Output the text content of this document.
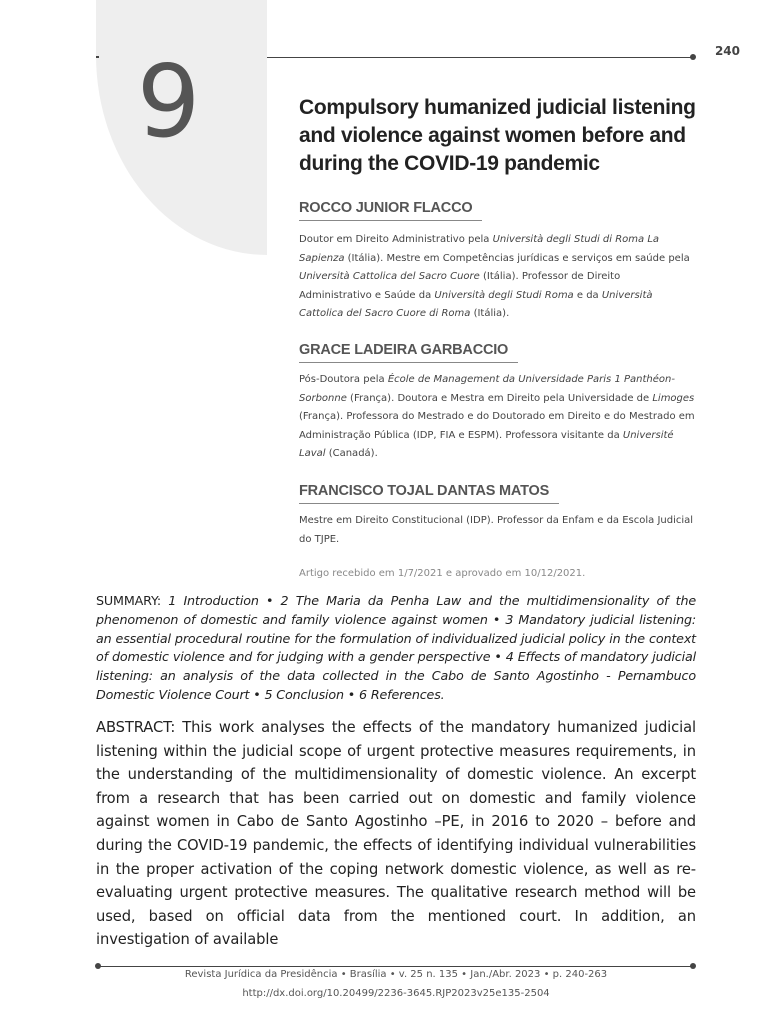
9	240
Compulsory humanized judicial listening and violence against women before and during the COVID-19 pandemic
ROCCO JUNIOR FLACCO

Doutor em Direito Administrativo pela Università degli Studi di Roma La Sapienza (Itália). Mestre em Competências jurídicas e serviços em saúde pela Università Cattolica del Sacro Cuore (Itália). Professor de Direito Administrativo e Saúde da Università degli Studi Roma e da Università Cattolica del Sacro Cuore di Roma (Itália).

GRACE LADEIRA GARBACCIO

Pós-Doutora pela École de Management da Universidade Paris 1 Panthéon-Sorbonne (França). Doutora e Mestra em Direito pela Universidade de Limoges (França). Professora do Mestrado e do Doutorado em Direito e do Mestrado em Administração Pública (IDP, FIA e ESPM). Professora visitante da Université Laval (Canadá).

FRANCISCO TOJAL DANTAS MATOS

Mestre em Direito Constitucional (IDP). Professor da Enfam e da Escola Judicial do TJPE.

Artigo recebido em 1/7/2021 e aprovado em 10/12/2021.

SUMMARY: 1 Introduction • 2 The Maria da Penha Law and the multidimensionality of the phenomenon of domestic and family violence against women • 3 Mandatory judicial listening: an essential procedural routine for the formulation of individualized judicial policy in the context of domestic violence and for judging with a gender perspective • 4 Effects of mandatory judicial listening: an analysis of the data collected in the Cabo de Santo Agostinho - Pernambuco Domestic Violence Court • 5 Conclusion • 6 References.

ABSTRACT: This work analyses the effects of the mandatory humanized judicial listening within the judicial scope of urgent protective measures requirements, in the understanding of the multidimensionality of domestic violence. An excerpt from a research that has been carried out on domestic and family violence against women in Cabo de Santo Agostinho –PE, in 2016 to 2020 – before and during the COVID-19 pandemic, the effects of identifying individual vulnerabilities in the proper activation of the coping network domestic violence, as well as re-evaluating urgent protective measures. The qualitative research method will be used, based on official data from the mentioned court. In addition, an investigation of available

Revista Jurídica da Presidência • Brasília • v. 25 n. 135 • Jan./Abr. 2023 • p. 240-263
http://dx.doi.org/10.20499/2236-3645.RJP2023v25e135-2504
